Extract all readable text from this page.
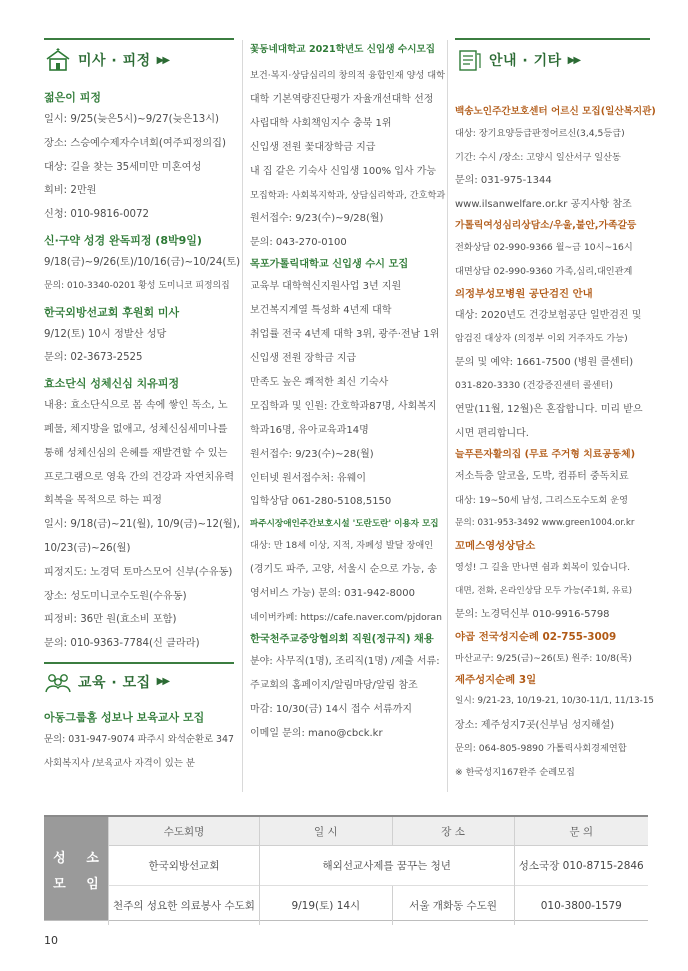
미사 · 피정 ▶▶
젊은이 피정
일시: 9/25(늦은5시)~9/27(늦은13시)
장소: 스승예수제자수녀회(여주피정의집)
대상: 길을 찾는 35세미만 미혼여성
회비: 2만원
신청: 010-9816-0072
신·구약 성경 완독피정 (8박9일)
9/18(금)~9/26(토)/10/16(금)~10/24(토)
문의: 010-3340-0201 황성 도미니코 피정의집
한국외방선교회 후원회 미사
9/12(토) 10시 정발산 성당
문의: 02-3673-2525
효소단식 성체신심 치유피정
내용: 효소단식으로 몸 속에 쌓인 독소, 노
폐물, 체지방을 없애고, 성체신심세미나를
통해 성체신심의 은혜를 재발견할 수 있는
프로그램으로 영육 간의 건강과 자연치유력
회복을 목적으로 하는 피정
일시: 9/18(금)~21(월), 10/9(금)~12(월),
10/23(금)~26(월)
피정지도: 노경덕 토마스모어 신부(수유동)
장소: 성도미니코수도원(수유동)
피정비: 36만 원(효소비 포함)
문의: 010-9363-7784(신 클라라)
교육 · 모집 ▶▶
아동그룹홈 성보나 보육교사 모집
문의: 031-947-9074 파주시 와석순환로 347
사회복지사 /보육교사 자격이 있는 분
꽃동네대학교 2021학년도 신입생 수시모집
보건·복지·상담심리의 창의적 융합인재 양성 대학
대학 기본역량진단평가 자율개선대학 선정
사립대학 사회책임지수 충북 1위
신입생 전원 꽃대장학금 지급
내 집 같은 기숙사 신입생 100% 입사 가능
모집학과: 사회복지학과, 상담심리학과, 간호학과
원서접수: 9/23(수)~9/28(월)
문의: 043-270-0100
목포가톨릭대학교 신입생 수시 모집
교육부 대학혁신지원사업 3년 지원
보건복지계열 특성화 4년제 대학
취업률 전국 4년제 대학 3위, 광주·전남 1위
신입생 전원 장학금 지급
만족도 높은 쾌적한 최신 기숙사
모집학과 및 인원: 간호학과87명, 사회복지
학과16명, 유아교육과14명
원서접수: 9/23(수)~28(월)
인터넷 원서접수처: 유웨이
입학상담 061-280-5108,5150
파주시장애인주간보호시설 '도란도란' 이용자 모집
대상: 만 18세 이상, 지적, 자폐성 발달 장애인
(경기도 파주, 고양, 서울시 순으로 가능, 송
영서비스 가능) 문의: 031-942-8000
네이버카페: https://cafe.naver.com/pjdoran
한국천주교중앙협의회 직원(정규직) 채용
분야: 사무직(1명), 조리직(1명) /제출 서류:
주교회의 홈페이지/알림마당/알림 참조
마감: 10/30(금) 14시 접수 서류까지
이메일 문의: mano@cbck.kr
안내 · 기타 ▶▶
백송노인주간보호센터 어르신 모집(일산복지관)
대상: 장기요양등급판정어르신(3,4,5등급)
기간: 수시 /장소: 고양시 일산서구 일산동
문의: 031-975-1344
www.ilsanwelfare.or.kr 공지사항 참조
가톨릭여성심리상담소/우울,불안,가족갈등
전화상담 02-990-9366 월~금 10시~16시
대면상담 02-990-9360 가족,심리,대인관계
의정부성모병원 공단검진 안내
대상: 2020년도 건강보험공단 일반검진 및
암검진 대상자 (의정부 이외 거주자도 가능)
문의 및 예약: 1661-7500 (병원 콜센터)
031-820-3330 (건강증진센터 콜센터)
연말(11월, 12월)은 혼잡합니다. 미리 받으
시면 편리합니다.
늘푸른자활의집 (무료 주거형 치료공동체)
저소득층 알코올, 도박, 컴퓨터 중독치료
대상: 19~50세 남성, 그리스도수도회 운영
문의: 031-953-3492 www.green1004.or.kr
꼬메스영성상담소
영성! 그 길을 만나면 쉼과 회복이 있습니다.
대면, 전화, 온라인상담 모두 가능(주1회, 유료)
문의: 노경덕신부 010-9916-5798
야곱 전국성지순례 02-755-3009
마산교구: 9/25(금)~26(토) 원주: 10/8(목)
제주성지순례 3일
일시: 9/21-23, 10/19-21, 10/30-11/1, 11/13-15
장소: 제주성지7곳(신부님 성지해설)
문의: 064-805-9890 가톨릭사회경제연합
※ 한국성지167완주 순례모집
성 소
모 임
수도회명	일 시	장 소	문 의
한국외방선교회	해외선교사제를 꿈꾸는 청년		성소국장 010-8715-2846
천주의 성요한 의료봉사 수도회	9/19(토) 14시	서울 개화동 수도원	010-3800-1579
10
